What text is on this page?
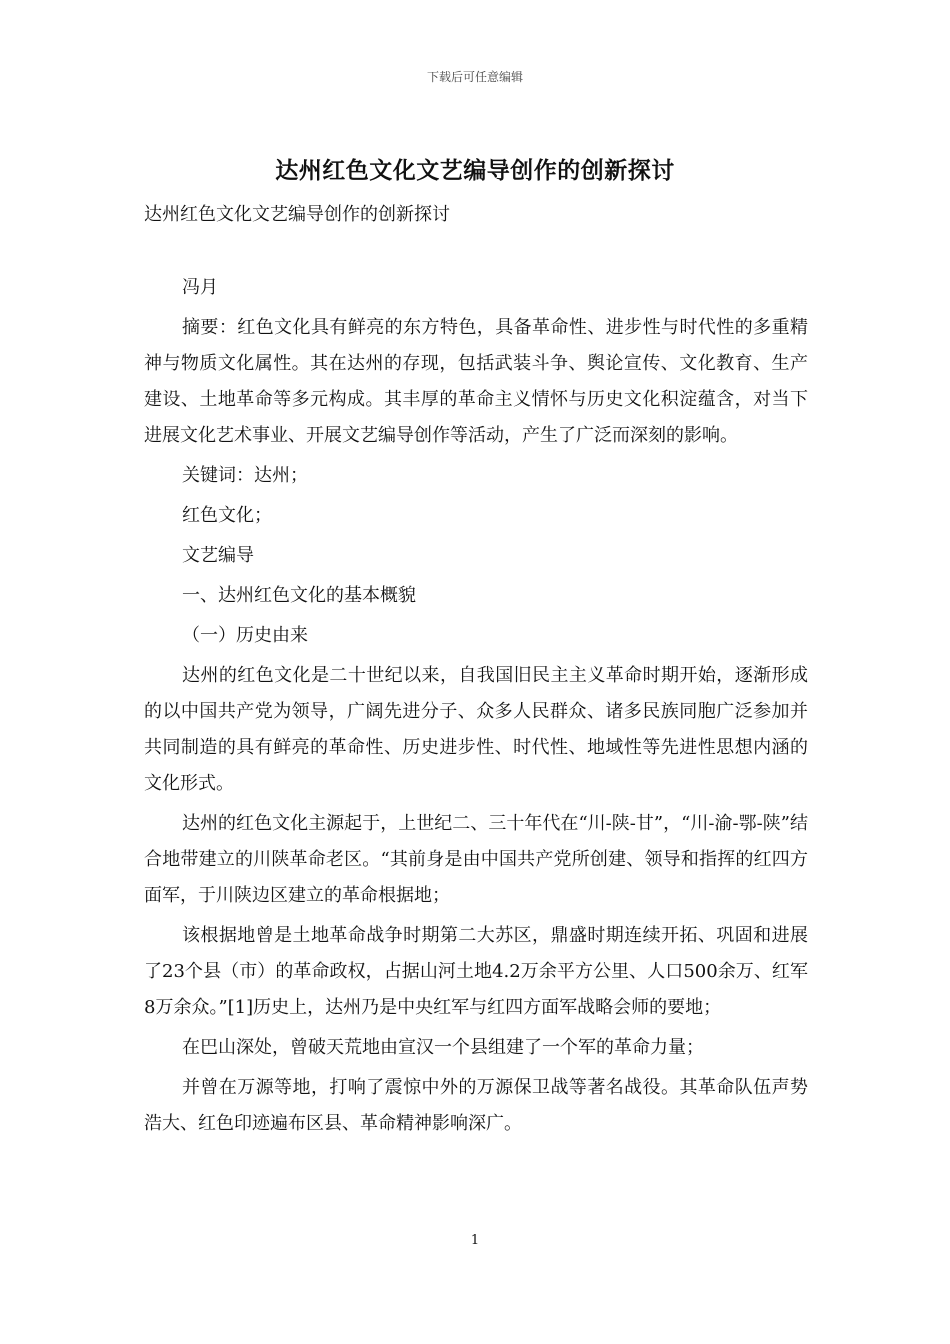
下载后可任意编辑
达州红色文化文艺编导创作的创新探讨

达州红色文化文艺编导创作的创新探讨

冯月

摘要：红色文化具有鲜亮的东方特色，具备革命性、进步性与时代性的多重精神与物质文化属性。其在达州的存现，包括武装斗争、舆论宣传、文化教育、生产建设、土地革命等多元构成。其丰厚的革命主义情怀与历史文化积淀蕴含，对当下进展文化艺术事业、开展文艺编导创作等活动，产生了广泛而深刻的影响。

关键词：达州；

红色文化；

文艺编导

一、达州红色文化的基本概貌

（一）历史由来

达州的红色文化是二十世纪以来，自我国旧民主主义革命时期开始，逐渐形成的以中国共产党为领导，广阔先进分子、众多人民群众、诸多民族同胞广泛参加并共同制造的具有鲜亮的革命性、历史进步性、时代性、地域性等先进性思想内涵的文化形式。

达州的红色文化主源起于，上世纪二、三十年代在“川-陕-甘”，“川-渝-鄂-陕”结合地带建立的川陕革命老区。“其前身是由中国共产党所创建、领导和指挥的红四方面军，于川陕边区建立的革命根据地；

该根据地曾是土地革命战争时期第二大苏区，鼎盛时期连续开拓、巩固和进展了23个县（市）的革命政权，占据山河土地4.2万余平方公里、人口500余万、红军8万余众。”[1]历史上，达州乃是中央红军与红四方面军战略会师的要地；

在巴山深处，曾破天荒地由宣汉一个县组建了一个军的革命力量；

并曾在万源等地，打响了震惊中外的万源保卫战等著名战役。其革命队伍声势浩大、红色印迹遍布区县、革命精神影响深广。

1
